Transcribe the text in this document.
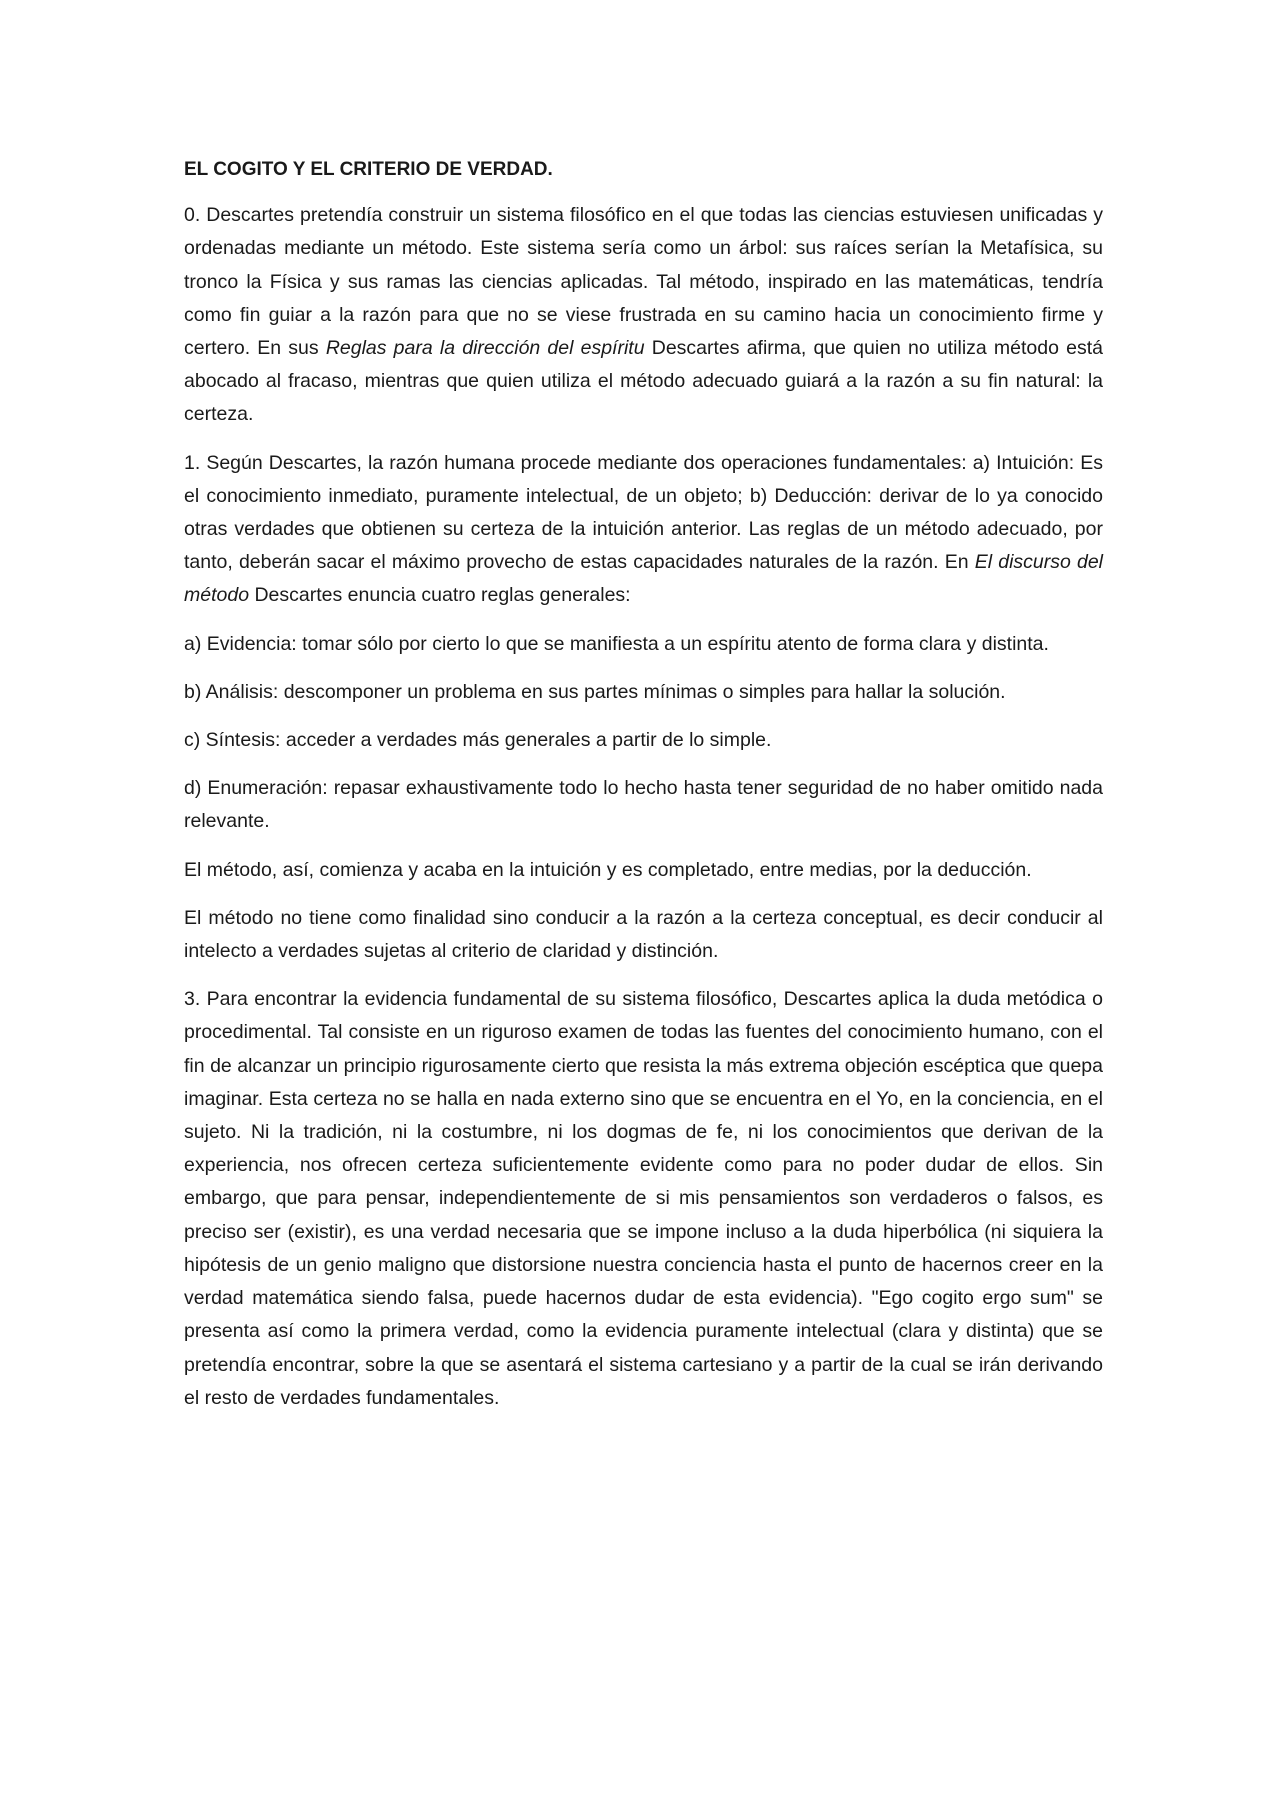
EL COGITO Y EL CRITERIO DE VERDAD.

0. Descartes pretendía construir un sistema filosófico en el que todas las ciencias estuviesen unificadas y ordenadas mediante un método. Este sistema sería como un árbol: sus raíces serían la Metafísica, su tronco la Física y sus ramas las ciencias aplicadas. Tal método, inspirado en las matemáticas, tendría como fin guiar a la razón para que no se viese frustrada en su camino hacia un conocimiento firme y certero. En sus Reglas para la dirección del espíritu Descartes afirma, que quien no utiliza método está abocado al fracaso, mientras que quien utiliza el método adecuado guiará a la razón a su fin natural: la certeza.

1. Según Descartes, la razón humana procede mediante dos operaciones fundamentales: a) Intuición: Es el conocimiento inmediato, puramente intelectual, de un objeto; b) Deducción: derivar de lo ya conocido otras verdades que obtienen su certeza de la intuición anterior. Las reglas de un método adecuado, por tanto, deberán sacar el máximo provecho de estas capacidades naturales de la razón. En El discurso del método Descartes enuncia cuatro reglas generales:

a) Evidencia: tomar sólo por cierto lo que se manifiesta a un espíritu atento de forma clara y distinta.

b) Análisis: descomponer un problema en sus partes mínimas o simples para hallar la solución.

c) Síntesis: acceder a verdades más generales a partir de lo simple.

d) Enumeración: repasar exhaustivamente todo lo hecho hasta tener seguridad de no haber omitido nada relevante.

El método, así, comienza y acaba en la intuición y es completado, entre medias, por la deducción.

El método no tiene como finalidad sino conducir a la razón a la certeza conceptual, es decir conducir al intelecto a verdades sujetas al criterio de claridad y distinción.

3. Para encontrar la evidencia fundamental de su sistema filosófico, Descartes aplica la duda metódica o procedimental. Tal consiste en un riguroso examen de todas las fuentes del conocimiento humano, con el fin de alcanzar un principio rigurosamente cierto que resista la más extrema objeción escéptica que quepa imaginar. Esta certeza no se halla en nada externo sino que se encuentra en el Yo, en la conciencia, en el sujeto. Ni la tradición, ni la costumbre, ni los dogmas de fe, ni los conocimientos que derivan de la experiencia, nos ofrecen certeza suficientemente evidente como para no poder dudar de ellos. Sin embargo, que para pensar, independientemente de si mis pensamientos son verdaderos o falsos, es preciso ser (existir), es una verdad necesaria que se impone incluso a la duda hiperbólica (ni siquiera la hipótesis de un genio maligno que distorsione nuestra conciencia hasta el punto de hacernos creer en la verdad matemática siendo falsa, puede hacernos dudar de esta evidencia). "Ego cogito ergo sum" se presenta así como la primera verdad, como la evidencia puramente intelectual (clara y distinta) que se pretendía encontrar, sobre la que se asentará el sistema cartesiano y a partir de la cual se irán derivando el resto de verdades fundamentales.
